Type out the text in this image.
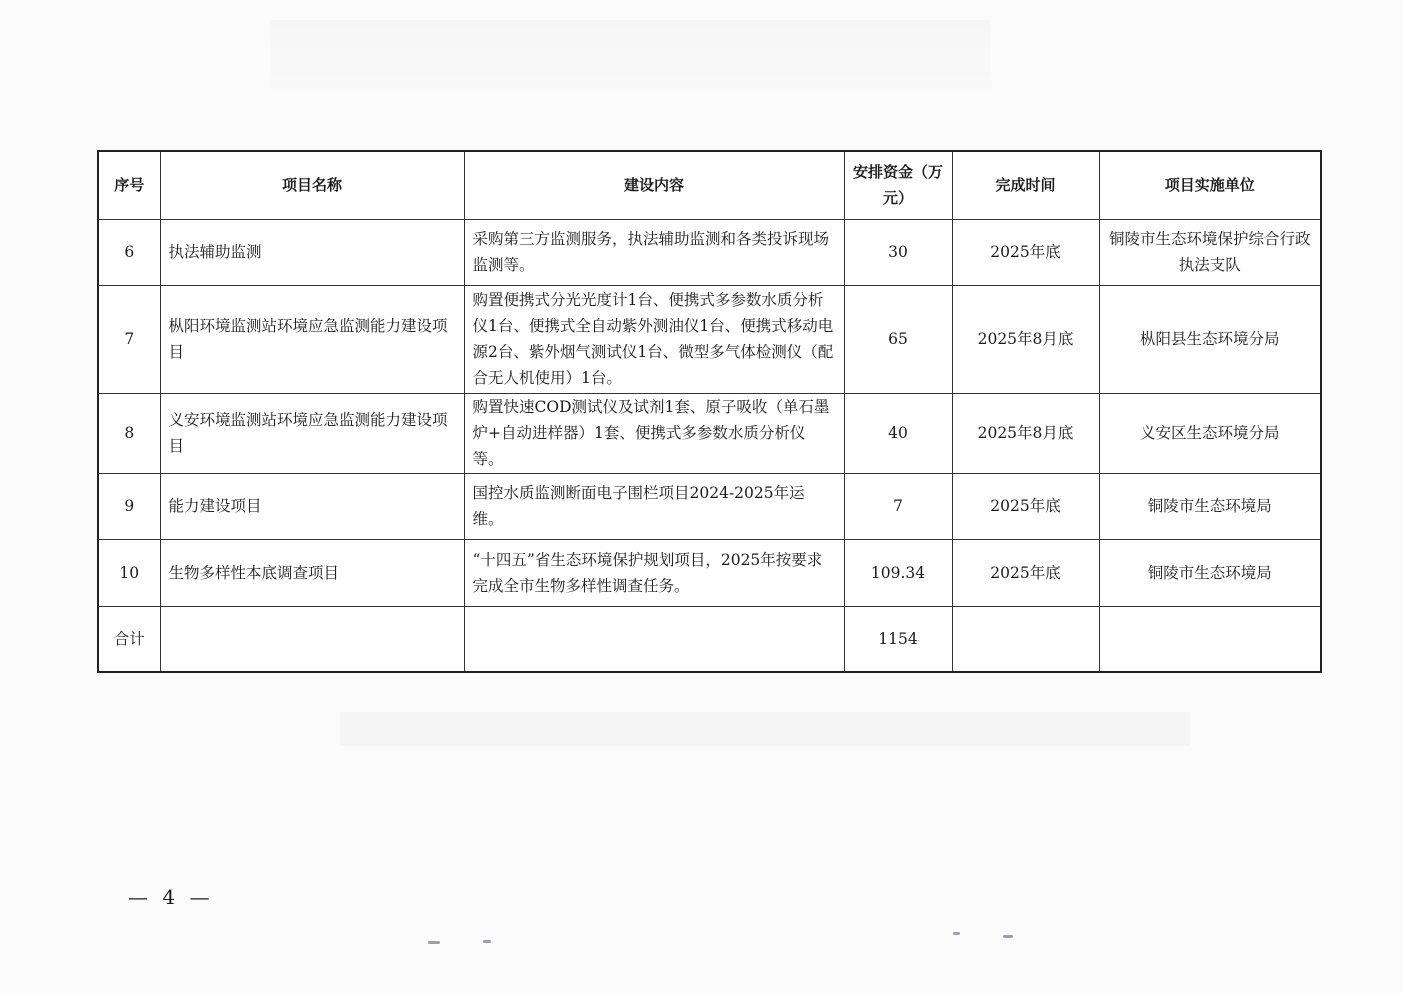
序号	项目名称	建设内容	安排资金（万元）	完成时间	项目实施单位
6	执法辅助监测	采购第三方监测服务，执法辅助监测和各类投诉现场监测等。	30	2025年底	铜陵市生态环境保护综合行政执法支队
7	枞阳环境监测站环境应急监测能力建设项目	购置便携式分光光度计1台、便携式多参数水质分析仪1台、便携式全自动紫外测油仪1台、便携式移动电源2台、紫外烟气测试仪1台、微型多气体检测仪（配合无人机使用）1台。	65	2025年8月底	枞阳县生态环境分局
8	义安环境监测站环境应急监测能力建设项目	购置快速COD测试仪及试剂1套、原子吸收（单石墨炉+自动进样器）1套、便携式多参数水质分析仪等。	40	2025年8月底	义安区生态环境分局
9	能力建设项目	国控水质监测断面电子围栏项目2024-2025年运维。	7	2025年底	铜陵市生态环境局
10	生物多样性本底调查项目	“十四五”省生态环境保护规划项目，2025年按要求完成全市生物多样性调查任务。	109.34	2025年底	铜陵市生态环境局
合计			1154		
— 4 —
